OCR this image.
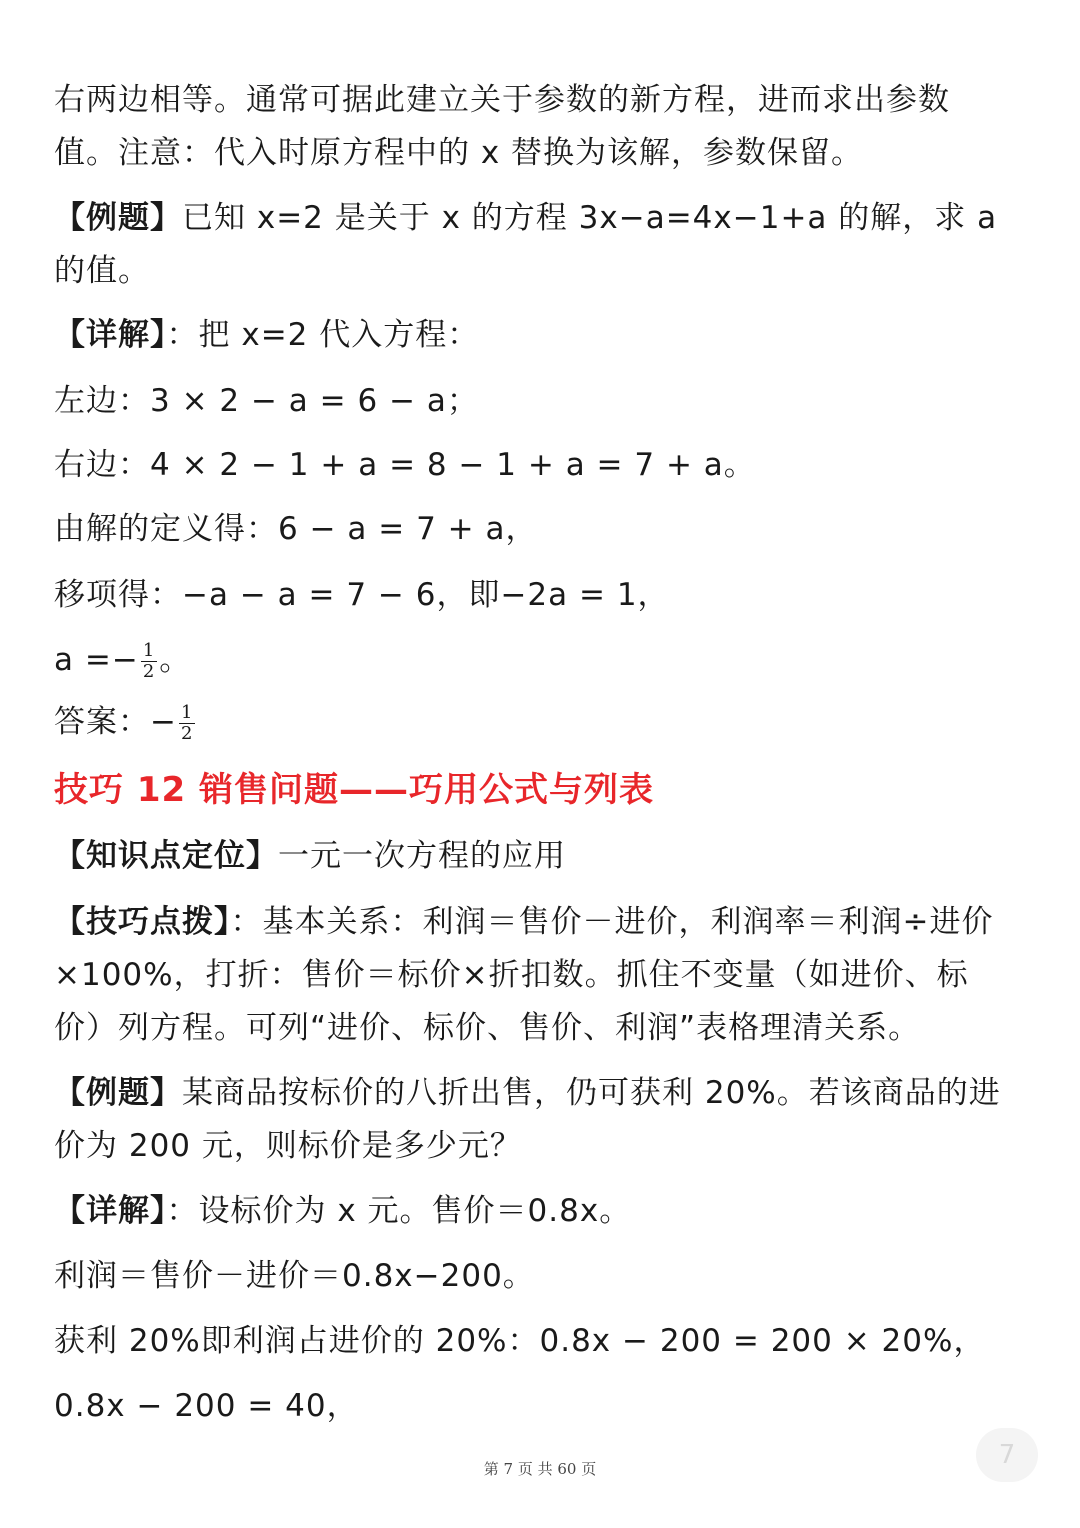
右两边相等。通常可据此建立关于参数的新方程，进而求出参数
值。注意：代入时原方程中的 x 替换为该解，参数保留。
【例题】已知 x=2 是关于 x 的方程 3x−a=4x−1+a 的解，求 a
的值。
【详解】：把 x=2 代入方程：
左边：3 × 2 − a = 6 − a；
右边：4 × 2 − 1 + a = 8 − 1 + a = 7 + a。
由解的定义得：6 − a = 7 + a，
移项得：−a − a = 7 − 6，即−2a = 1，
$a =- \frac{1}{2}$ 。
答案：− $\frac{1}{2}$
技巧 12 销售问题——巧用公式与列表
【知识点定位】一元一次方程的应用
【技巧点拨】：基本关系：利润＝售价－进价，利润率＝利润÷进价
×100%，打折：售价＝标价×折扣数。抓住不变量（如进价、标
价）列方程。可列“进价、标价、售价、利润”表格理清关系。
【例题】某商品按标价的八折出售，仍可获利 20%。若该商品的进
价为 200 元，则标价是多少元？
【详解】：设标价为 x 元。售价＝0.8x。
利润＝售价－进价＝0.8x−200。
获利 20%即利润占进价的 20%：0.8x − 200 = 200 × 20%，
0.8x − 200 = 40，
第 7 页 共 60 页	7
